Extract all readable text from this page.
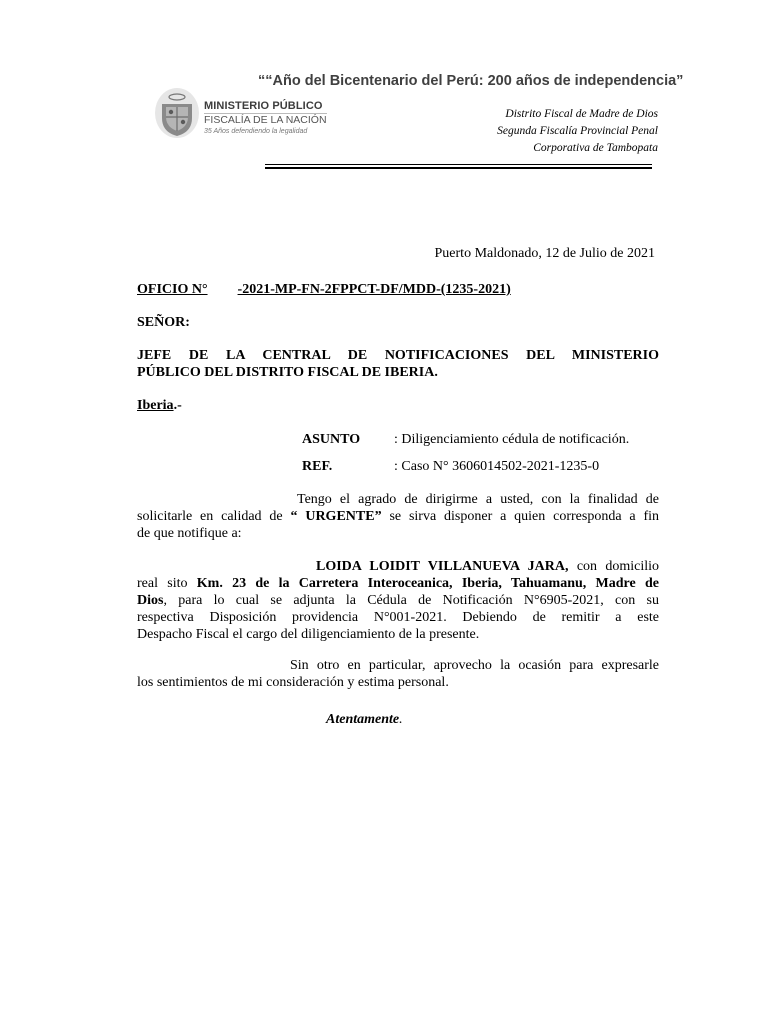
““Año del Bicentenario del Perú: 200 años de independencia”
MINISTERIO PÚBLICO
FISCALÍA DE LA NACIÓN
35 Años defendiendo la legalidad
Distrito Fiscal de Madre de Dios
Segunda Fiscalía Provincial Penal
Corporativa de Tambopata
Puerto Maldonado, 12 de Julio de 2021
OFICIO N° -2021-MP-FN-2FPPCT-DF/MDD-(1235-2021)
SEÑOR:
JEFE DE LA CENTRAL DE NOTIFICACIONES DEL MINISTERIO
PÚBLICO DEL DISTRITO FISCAL DE IBERIA.
Iberia.-
ASUNTO : Diligenciamiento cédula de notificación.
REF.	: Caso N° 3606014502-2021-1235-0
Tengo el agrado de dirigirme a usted, con la finalidad de
solicitarle en calidad de “ URGENTE” se sirva disponer a quien corresponda a fin
de que notifique a:
LOIDA LOIDIT VILLANUEVA JARA, con domicilio
real sito Km. 23 de la Carretera Interoceanica, Iberia, Tahuamanu, Madre de
Dios, para lo cual se adjunta la Cédula de Notificación N°6905-2021, con su
respectiva Disposición providencia N°001-2021. Debiendo de remitir a este
Despacho Fiscal el cargo del diligenciamiento de la presente.
Sin otro en particular, aprovecho la ocasión para expresarle
los sentimientos de mi consideración y estima personal.
Atentamente.
